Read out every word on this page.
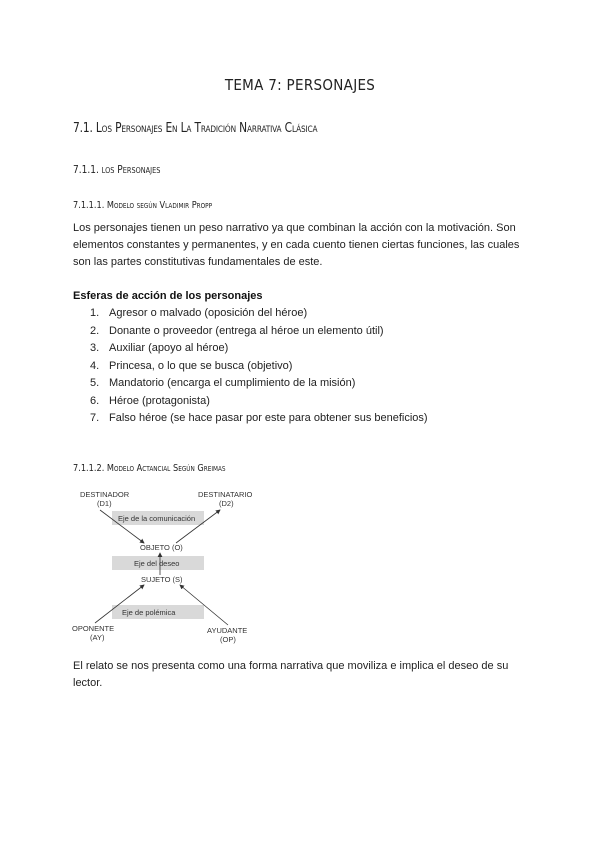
TEMA 7: PERSONAJES
7.1. Los Personajes En La Tradición Narrativa Clásica
7.1.1. los Personajes
7.1.1.1. Modelo según Vladimir Propp
Los personajes tienen un peso narrativo ya que combinan la acción con la motivación. Son elementos constantes y permanentes, y en cada cuento tienen ciertas funciones, las cuales son las partes constitutivas fundamentales de este.
Esferas de acción de los personajes
1. Agresor o malvado (oposición del héroe)
2. Donante o proveedor (entrega al héroe un elemento útil)
3. Auxiliar (apoyo al héroe)
4. Princesa, o lo que se busca (objetivo)
5. Mandatorio (encarga el cumplimiento de la misión)
6. Héroe (protagonista)
7. Falso héroe (se hace pasar por este para obtener sus beneficios)
7.1.1.2. Modelo Actancial Según Greimas
DESTINADOR
(D1)
DESTINATARIO
(D2)
Eje de la comunicación
OBJETO (O)
Eje del deseo
SUJETO (S)
Eje de polémica
OPONENTE
(AY)
AYUDANTE
(OP)
El relato se nos presenta como una forma narrativa que moviliza e implica el deseo de su lector.
